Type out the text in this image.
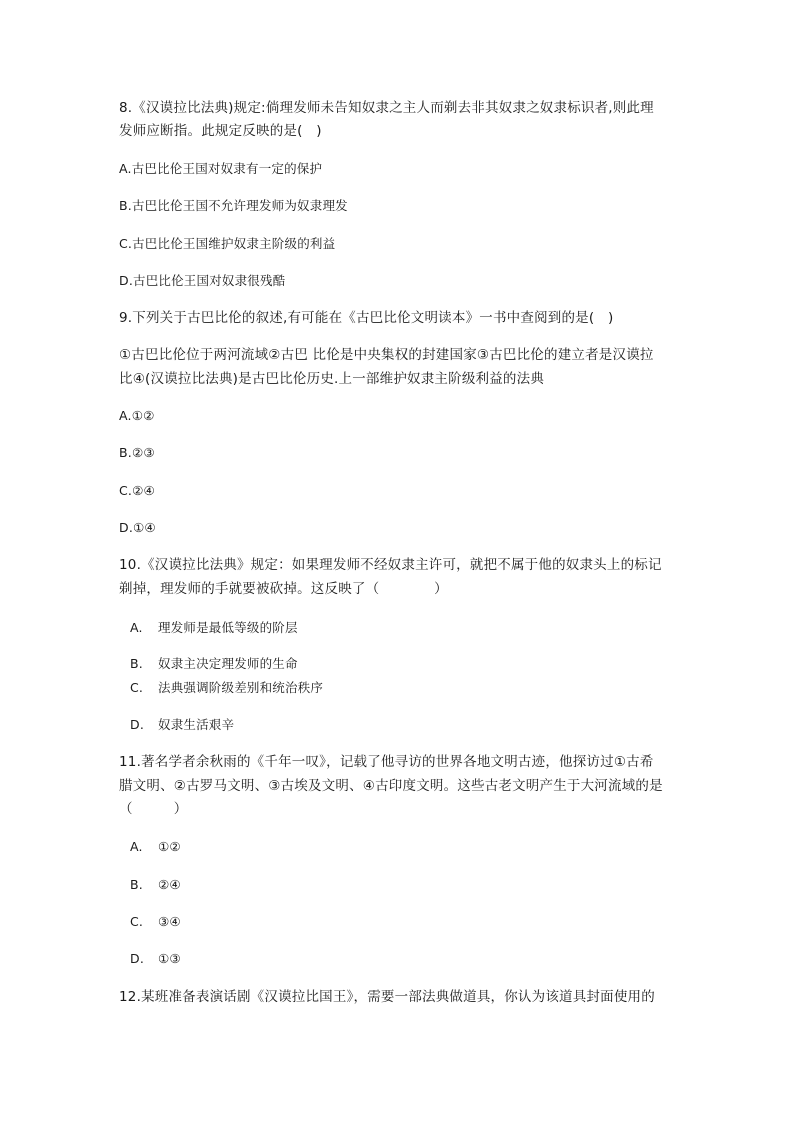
8.《汉谟拉比法典)规定:倘理发师未告知奴隶之主人而剃去非其奴隶之奴隶标识者,则此理
发师应断指。此规定反映的是(　)
A.古巴比伦王国对奴隶有一定的保护
B.古巴比伦王国不允许理发师为奴隶理发
C.古巴比伦王国维护奴隶主阶级的利益
D.古巴比伦王国对奴隶很残酷
9.下列关于古巴比伦的叙述,有可能在《古巴比伦文明读本》一书中查阅到的是(　)
①古巴比伦位于两河流域②古巴 比伦是中央集权的封建国家③古巴比伦的建立者是汉谟拉
比④(汉谟拉比法典)是古巴比伦历史.上一部维护奴隶主阶级利益的法典
A.①②
B.②③
C.②④
D.①④
10.《汉谟拉比法典》规定：如果理发师不经奴隶主许可，就把不属于他的奴隶头上的标记
剃掉，理发师的手就要被砍掉。这反映了（　　　　）
A. 理发师是最低等级的阶层
B. 奴隶主决定理发师的生命
C. 法典强调阶级差别和统治秩序
D. 奴隶生活艰辛
11.著名学者余秋雨的《千年一叹》，记载了他寻访的世界各地文明古迹，他探访过①古希
腊文明、②古罗马文明、③古埃及文明、④古印度文明。这些古老文明产生于大河流域的是
（　　　）
A. ①②
B. ②④
C. ③④
D. ①③
12.某班准备表演话剧《汉谟拉比国王》，需要一部法典做道具，你认为该道具封面使用的
